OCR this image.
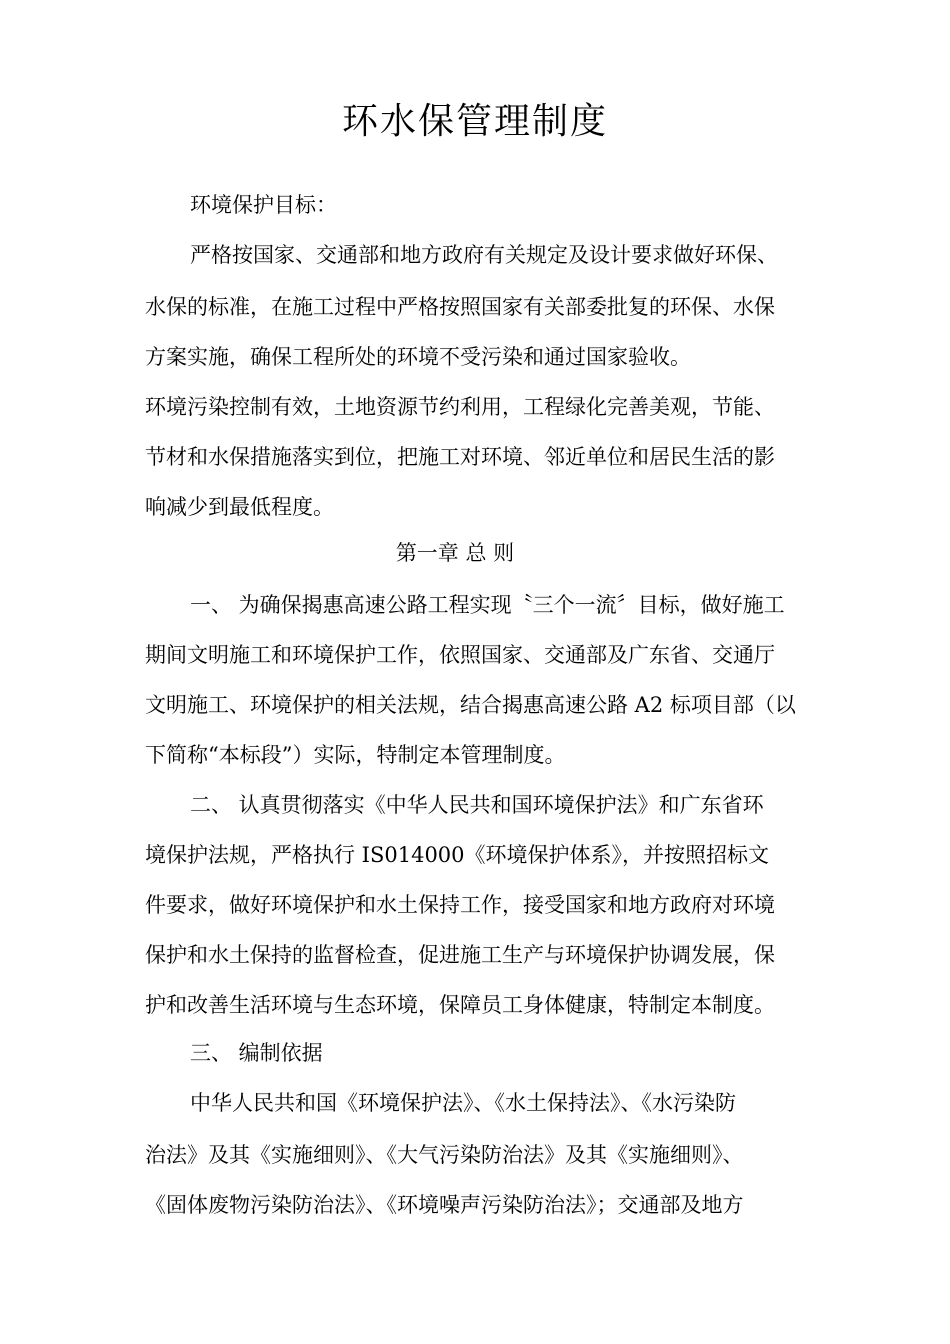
环水保管理制度

环境保护目标：

严格按国家、交通部和地方政府有关规定及设计要求做好环保、

水保的标准，在施工过程中严格按照国家有关部委批复的环保、水保

方案实施，确保工程所处的环境不受污染和通过国家验收。

环境污染控制有效，土地资源节约利用，工程绿化完善美观，节能、

节材和水保措施落实到位，把施工对环境、邻近单位和居民生活的影

响减少到最低程度。

第一章 总 则

一、 为确保揭惠高速公路工程实现〝三个一流〞目标，做好施工

期间文明施工和环境保护工作，依照国家、交通部及广东省、交通厅

文明施工、环境保护的相关法规，结合揭惠高速公路 A2 标项目部（以

下简称“本标段”）实际，特制定本管理制度。

二、 认真贯彻落实《中华人民共和国环境保护法》和广东省环

境保护法规，严格执行 IS014000《环境保护体系》，并按照招标文

件要求，做好环境保护和水土保持工作，接受国家和地方政府对环境

保护和水土保持的监督检查，促进施工生产与环境保护协调发展，保

护和改善生活环境与生态环境，保障员工身体健康，特制定本制度。

三、 编制依据

中华人民共和国《环境保护法》、《水土保持法》、《水污染防

治法》及其《实施细则》、《大气污染防治法》及其《实施细则》、

《固体废物污染防治法》、《环境噪声污染防治法》；交通部及地方
